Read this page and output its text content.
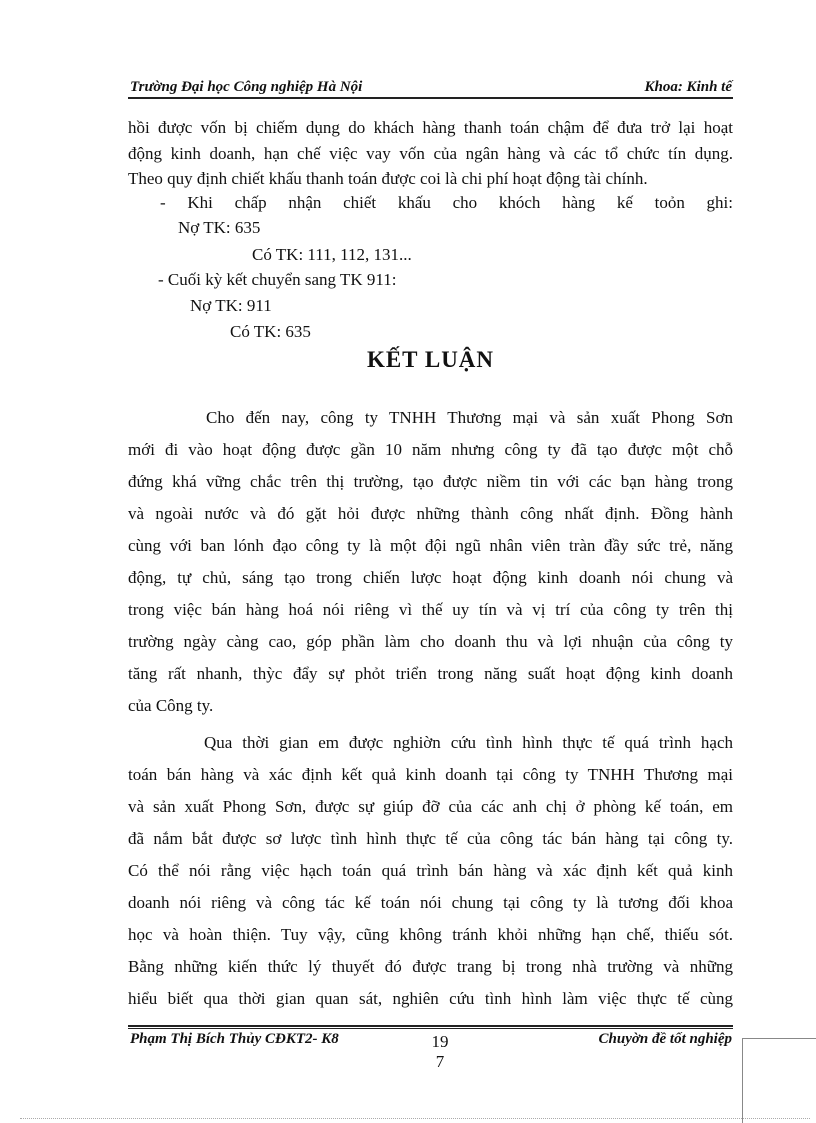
Trường Đại học Công nghiệp Hà Nội	Khoa: Kinh tế
hồi được vốn bị chiếm dụng do khách hàng thanh toán chậm để đưa trở lại hoạt
động kinh doanh, hạn chế việc vay vốn của ngân hàng và các tổ chức tín dụng.
Theo quy định chiết khấu thanh toán được coi là chi phí hoạt động tài chính.
- Khi chấp nhận chiết khấu cho khóch hàng kế toỏn ghi:
Nợ TK: 635
Có TK: 111, 112, 131...
- Cuối kỳ kết chuyển sang TK 911:
Nợ TK: 911
Có TK: 635
KẾT LUẬN
Cho đến nay, công ty TNHH Thương mại và sản xuất Phong Sơn
mới đi vào hoạt động được gần 10 năm nhưng công ty đã tạo được một chỗ
đứng khá vững chắc trên thị trường, tạo được niềm tin với các bạn hàng trong
và ngoài nước và đó gặt hỏi được những thành công nhất định. Đồng hành
cùng với ban lónh đạo công ty là một đội ngũ nhân viên tràn đầy sức trẻ, năng
động, tự chủ, sáng tạo trong chiến lược hoạt động kinh doanh nói chung và
trong việc bán hàng hoá nói riêng vì thế uy tín và vị trí của công ty trên thị
trường ngày càng cao, góp phần làm cho doanh thu và lợi nhuận của công ty
tăng rất nhanh, thỳc đẩy sự phỏt triển trong năng suất hoạt động kinh doanh
của Công ty.
Qua thời gian em được nghiờn cứu tình hình thực tế quá trình hạch
toán bán hàng và xác định kết quả kinh doanh tại công ty TNHH Thương mại
và sản xuất Phong Sơn, được sự giúp đỡ của các anh chị ở phòng kế toán, em
đã nắm bắt được sơ lược tình hình thực tế của công tác bán hàng tại công ty.
Có thể nói rằng việc hạch toán quá trình bán hàng và xác định kết quả kinh
doanh nói riêng và công tác kế toán nói chung tại công ty là tương đối khoa
học và hoàn thiện. Tuy vậy, cũng không tránh khỏi những hạn chế, thiếu sót.
Bằng những kiến thức lý thuyết đó được trang bị trong nhà trường và những
hiểu biết qua thời gian quan sát, nghiên cứu tình hình làm việc thực tế cùng
Phạm Thị Bích Thủy CĐKT2- K8	19
7
Chuyờn đề tốt nghiệp
